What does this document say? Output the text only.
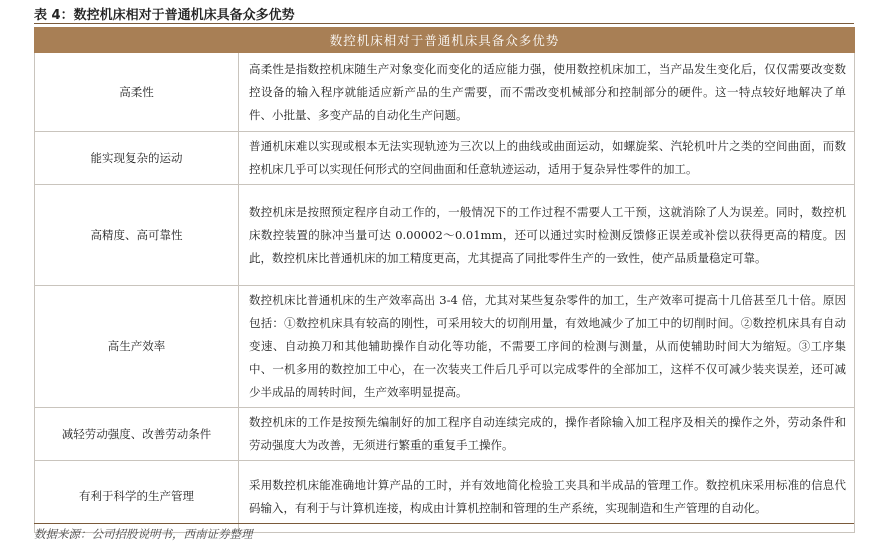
表 4：数控机床相对于普通机床具备众多优势
数控机床相对于普通机床具备众多优势	
高柔性	高柔性是指数控机床随生产对象变化而变化的适应能力强，使用数控机床加工，当产品发生变化后，仅仅需要改变数控设备的输入程序就能适应新产品的生产需要，而不需改变机械部分和控制部分的硬件。这一特点较好地解决了单件、小批量、多变产品的自动化生产问题。
能实现复杂的运动	普通机床难以实现或根本无法实现轨迹为三次以上的曲线或曲面运动，如螺旋桨、汽轮机叶片之类的空间曲面，而数控机床几乎可以实现任何形式的空间曲面和任意轨迹运动，适用于复杂异性零件的加工。
高精度、高可靠性	数控机床是按照预定程序自动工作的，一般情况下的工作过程不需要人工干预，这就消除了人为误差。同时，数控机床数控装置的脉冲当量可达 0.00002～0.01mm，还可以通过实时检测反馈修正误差或补偿以获得更高的精度。因此，数控机床比普通机床的加工精度更高，尤其提高了同批零件生产的一致性，使产品质量稳定可靠。
高生产效率	数控机床比普通机床的生产效率高出 3-4 倍，尤其对某些复杂零件的加工，生产效率可提高十几倍甚至几十倍。原因包括：①数控机床具有较高的刚性，可采用较大的切削用量，有效地减少了加工中的切削时间。②数控机床具有自动变速、自动换刀和其他辅助操作自动化等功能，不需要工序间的检测与测量，从而使辅助时间大为缩短。③工序集中、一机多用的数控加工中心，在一次装夹工件后几乎可以完成零件的全部加工，这样不仅可减少装夹误差，还可减少半成品的周转时间，生产效率明显提高。
减轻劳动强度、改善劳动条件	数控机床的工作是按预先编制好的加工程序自动连续完成的，操作者除输入加工程序及相关的操作之外，劳动条件和劳动强度大为改善，无须进行繁重的重复手工操作。
有利于科学的生产管理	采用数控机床能准确地计算产品的工时，并有效地简化检验工夹具和半成品的管理工作。数控机床采用标准的信息代码输入，有利于与计算机连接，构成由计算机控制和管理的生产系统，实现制造和生产管理的自动化。
数据来源：公司招股说明书，西南证券整理
